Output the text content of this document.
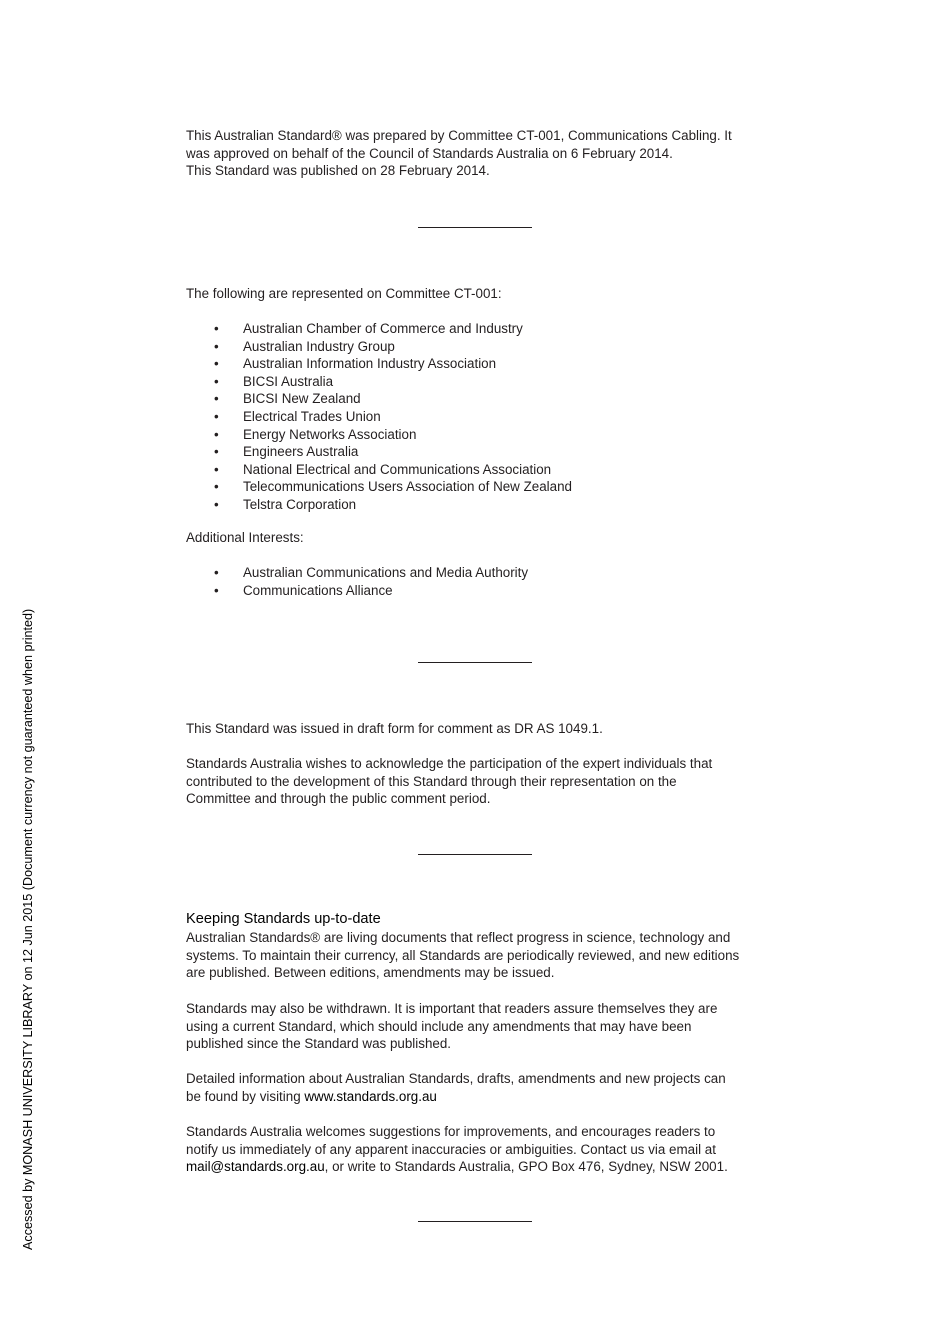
This Australian Standard® was prepared by Committee CT-001, Communications Cabling. It

was approved on behalf of the Council of Standards Australia on 6 February 2014.

This Standard was published on 28 February 2014.

The following are represented on Committee CT-001:

• Australian Chamber of Commerce and Industry
• Australian Industry Group
• Australian Information Industry Association
• BICSI Australia
• BICSI New Zealand
• Electrical Trades Union
• Energy Networks Association
• Engineers Australia
• National Electrical and Communications Association
• Telecommunications Users Association of New Zealand
• Telstra Corporation

Additional Interests:

• Australian Communications and Media Authority
• Communications Alliance

This Standard was issued in draft form for comment as DR AS 1049.1.

Standards Australia wishes to acknowledge the participation of the expert individuals that

contributed to the development of this Standard through their representation on the

Committee and through the public comment period.

Keeping Standards up-to-date

Australian Standards® are living documents that reflect progress in science, technology and

systems. To maintain their currency, all Standards are periodically reviewed, and new editions

are published. Between editions, amendments may be issued.

Standards may also be withdrawn. It is important that readers assure themselves they are

using a current Standard, which should include any amendments that may have been

published since the Standard was published.

Detailed information about Australian Standards, drafts, amendments and new projects can

be found by visiting www.standards.org.au

Standards Australia welcomes suggestions for improvements, and encourages readers to

notify us immediately of any apparent inaccuracies or ambiguities. Contact us via email at

mail@standards.org.au, or write to Standards Australia, GPO Box 476, Sydney, NSW 2001.

Accessed by MONASH UNIVERSITY LIBRARY on 12 Jun 2015 (Document currency not guaranteed when printed)
